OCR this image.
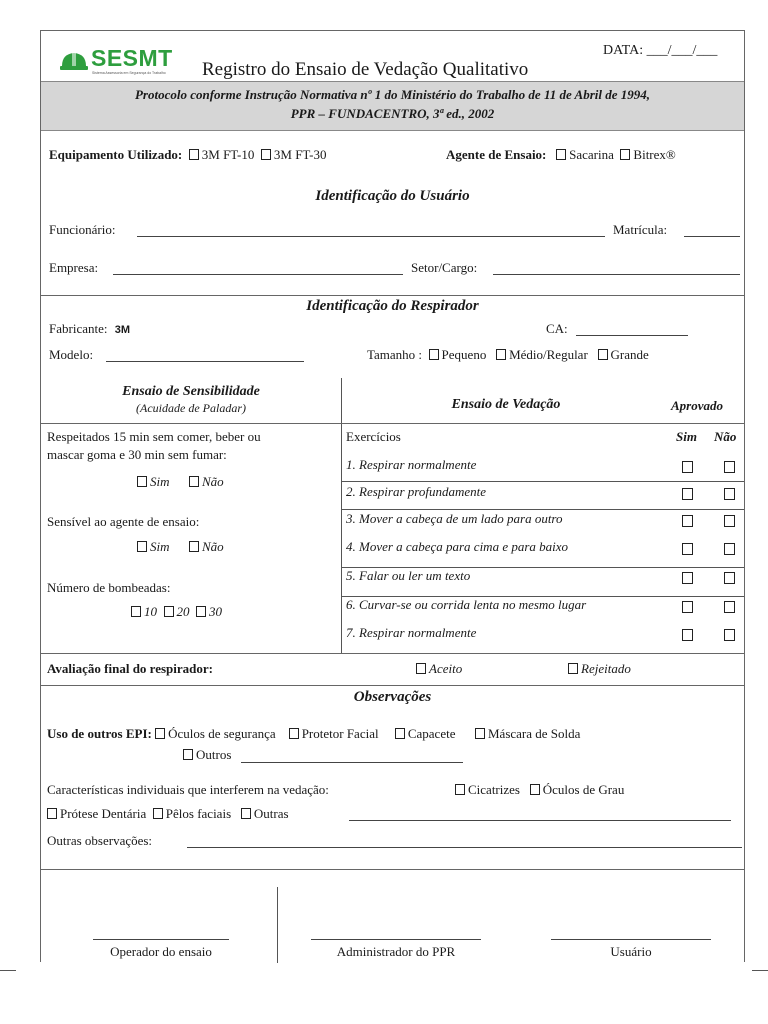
SESMT
Sistema Assessoria em Segurança do Trabalho Registro do Ensaio de Vedação Qualitativo
DATA: ___/___/___
Protocolo conforme Instrução Normativa nº 1 do Ministério do Trabalho de 11 de Abril de 1994,
PPR – FUNDACENTRO, 3ª ed., 2002
Equipamento Utilizado: 3M FT-10 3M FT-30	Agente de Ensaio: Sacarina Bitrex®
Identificação do Usuário
Funcionário:	Matrícula:
Empresa:	Setor/Cargo:
Identificação do Respirador
Fabricante: 3M	CA:
Modelo:	Tamanho : Pequeno Médio/Regular Grande
Ensaio de Sensibilidade
(Acuidade de Paladar)
Respeitados 15 min sem comer, beber ou
mascar goma e 30 min sem fumar:
Sim	Não
Sensível ao agente de ensaio:
Sim	Não
Número de bombeadas:
10 20 30
Ensaio de Vedação	Aprovado
Exercícios	Sim Não
1. Respirar normalmente
2. Respirar profundamente
3. Mover a cabeça de um lado para outro
4. Mover a cabeça para cima e para baixo
5. Falar ou ler um texto
6. Curvar-se ou corrida lenta no mesmo lugar
7. Respirar normalmente
Avaliação final do respirador:	Aceito	Rejeitado
Observações
Uso de outros EPI: Óculos de segurança Protetor Facial Capacete	Máscara de Solda
Outros
Características individuais que interferem na vedação:	Cicatrizes Óculos de Grau
Prótese Dentária Pêlos faciais Outras
Outras observações:
Operador do ensaio	Administrador do PPR	Usuário
